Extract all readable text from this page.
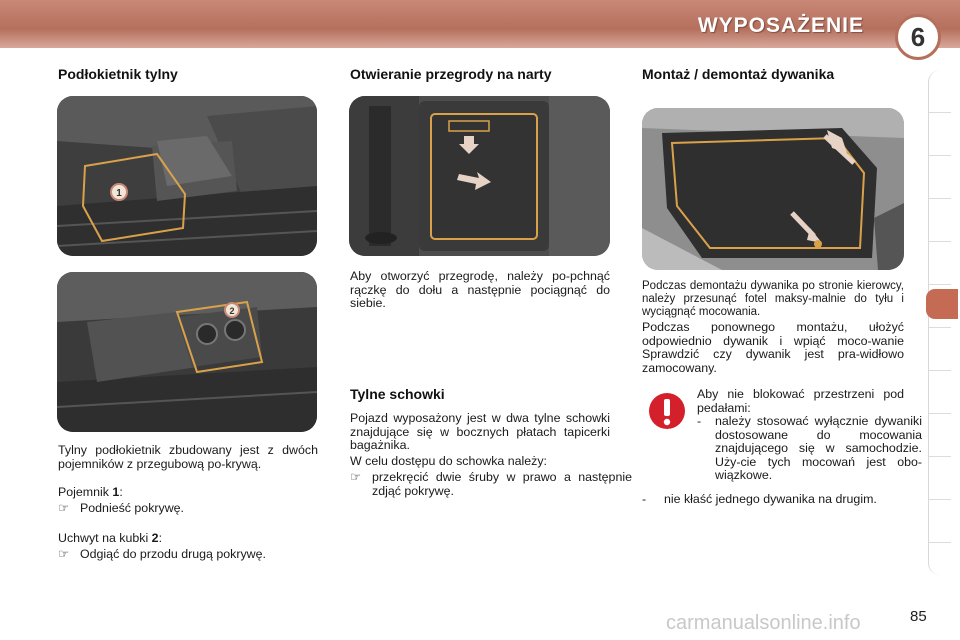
WYPOSAŻENIE	6
Podłokietnik tylny
1
2

Tylny podłokietnik zbudowany jest z dwóch pojemników z przegubową po-krywą.

Pojemnik 1:

☞ Podnieść pokrywę.

Uchwyt na kubki 2:

☞ Odgiąć do przodu drugą pokrywę.

Otwieranie przegrody na narty

Aby otworzyć przegrodę, należy po-pchnąć rączkę do dołu a następnie pociągnąć do siebie.

Tylne schowki

Pojazd wyposażony jest w dwa tylne schowki znajdujące się w bocznych płatach tapicerki bagażnika.

W celu dostępu do schowka należy:

☞ przekręcić dwie śruby w prawo a następnie zdjąć pokrywę.

Montaż / demontaż dywanika

Podczas demontażu dywanika po stronie kierowcy, należy przesunąć fotel maksy-malnie do tyłu i wyciągnąć mocowania.

Podczas ponownego montażu, ułożyć odpowiednio dywanik i wpiąć moco-wanie Sprawdzić czy dywanik jest pra-widłowo zamocowany.

Aby nie blokować przestrzeni pod pedałami:

- należy stosować wyłącznie dywaniki dostosowane do mocowania znajdującego się w samochodzie. Uży-cie tych mocowań jest obo-wiązkowe.

- nie kłaść jednego dywanika na drugim.

carmanualsonline.info	85
